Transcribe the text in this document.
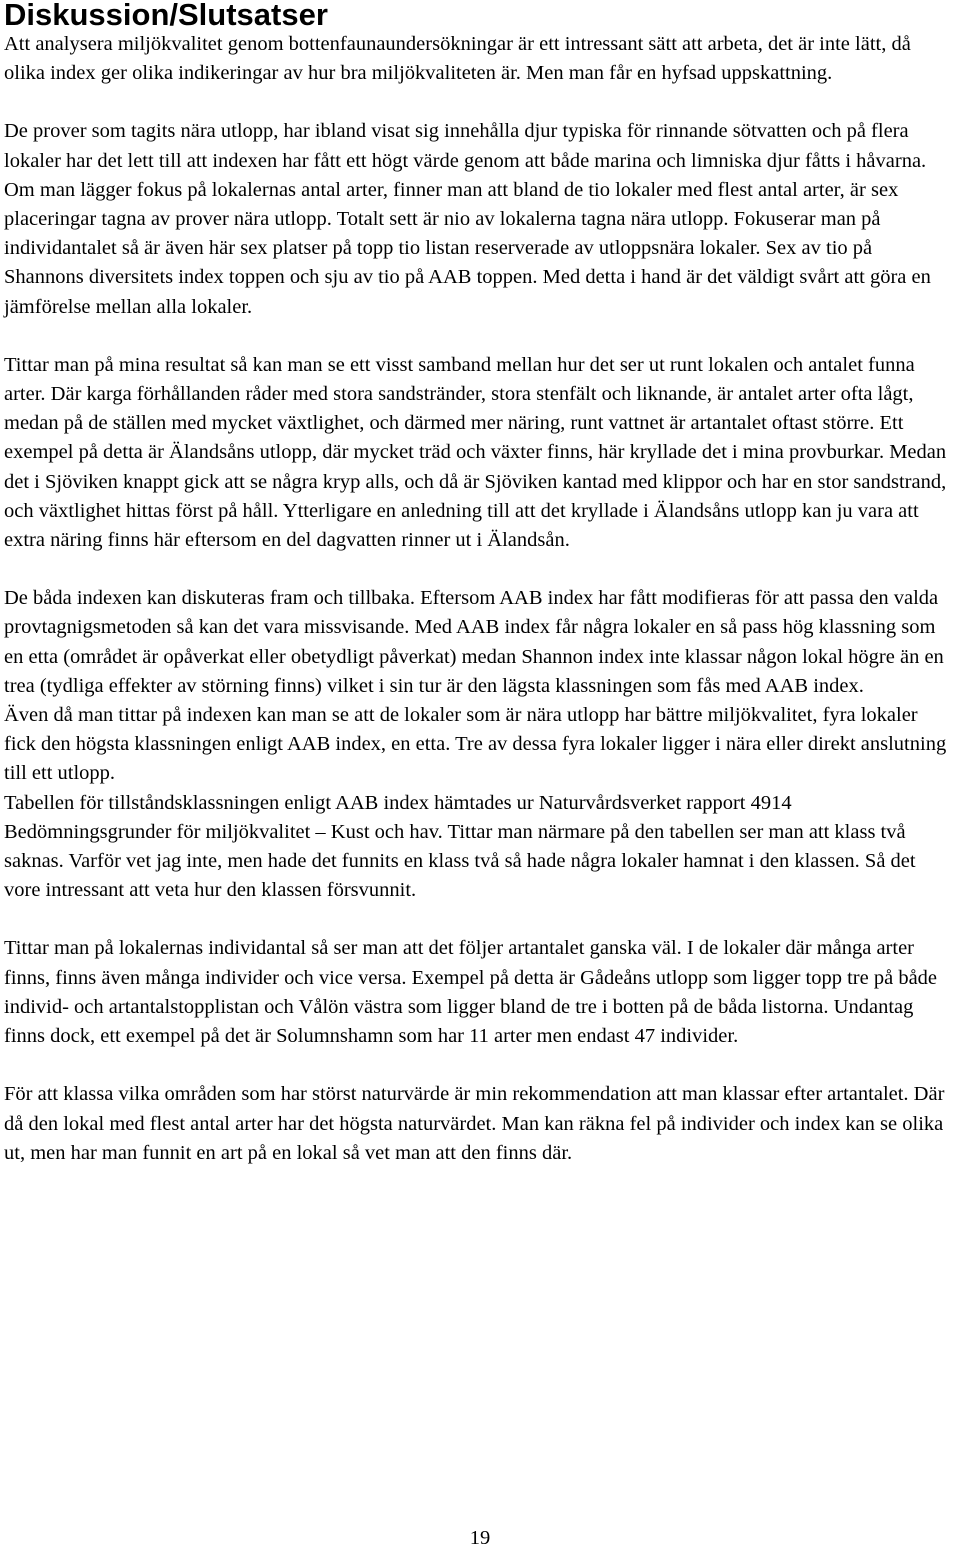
Diskussion/Slutsatser

Att analysera miljökvalitet genom bottenfaunaundersökningar är ett intressant sätt att arbeta, det är inte lätt, då olika index ger olika indikeringar av hur bra miljökvaliteten är. Men man får en hyfsad uppskattning.

De prover som tagits nära utlopp, har ibland visat sig innehålla djur typiska för rinnande sötvatten och på flera lokaler har det lett till att indexen har fått ett högt värde genom att både marina och limniska djur fåtts i håvarna. Om man lägger fokus på lokalernas antal arter, finner man att bland de tio lokaler med flest antal arter, är sex placeringar tagna av prover nära utlopp. Totalt sett är nio av lokalerna tagna nära utlopp. Fokuserar man på individantalet så är även här sex platser på topp tio listan reserverade av utloppsnära lokaler. Sex av tio på Shannons diversitets index toppen och sju av tio på AAB toppen. Med detta i hand är det väldigt svårt att göra en jämförelse mellan alla lokaler.

Tittar man på mina resultat så kan man se ett visst samband mellan hur det ser ut runt lokalen och antalet funna arter. Där karga förhållanden råder med stora sandstränder, stora stenfält och liknande, är antalet arter ofta lågt, medan på de ställen med mycket växtlighet, och därmed mer näring, runt vattnet är artantalet oftast större. Ett exempel på detta är Älandsåns utlopp, där mycket träd och växter finns, här kryllade det i mina provburkar. Medan det i Sjöviken knappt gick att se några kryp alls, och då är Sjöviken kantad med klippor och har en stor sandstrand, och växtlighet hittas först på håll. Ytterligare en anledning till att det kryllade i Älandsåns utlopp kan ju vara att extra näring finns här eftersom en del dagvatten rinner ut i Älandsån.

De båda indexen kan diskuteras fram och tillbaka. Eftersom AAB index har fått modifieras för att passa den valda provtagnigsmetoden så kan det vara missvisande. Med AAB index får några lokaler en så pass hög klassning som en etta (området är opåverkat eller obetydligt påverkat) medan Shannon index inte klassar någon lokal högre än en trea (tydliga effekter av störning finns) vilket i sin tur är den lägsta klassningen som fås med AAB index.

Även då man tittar på indexen kan man se att de lokaler som är nära utlopp har bättre miljökvalitet, fyra lokaler fick den högsta klassningen enligt AAB index, en etta. Tre av dessa fyra lokaler ligger i nära eller direkt anslutning till ett utlopp.

Tabellen för tillståndsklassningen enligt AAB index hämtades ur Naturvårdsverket rapport 4914 Bedömningsgrunder för miljökvalitet – Kust och hav. Tittar man närmare på den tabellen ser man att klass två saknas. Varför vet jag inte, men hade det funnits en klass två så hade några lokaler hamnat i den klassen. Så det vore intressant att veta hur den klassen försvunnit.

Tittar man på lokalernas individantal så ser man att det följer artantalet ganska väl. I de lokaler där många arter finns, finns även många individer och vice versa. Exempel på detta är Gådeåns utlopp som ligger topp tre på både individ- och artantalstopplistan och Vålön västra som ligger bland de tre i botten på de båda listorna. Undantag finns dock, ett exempel på det är Solumnshamn som har 11 arter men endast 47 individer.

För att klassa vilka områden som har störst naturvärde är min rekommendation att man klassar efter artantalet. Där då den lokal med flest antal arter har det högsta naturvärdet. Man kan räkna fel på individer och index kan se olika ut, men har man funnit en art på en lokal så vet man att den finns där.

19
